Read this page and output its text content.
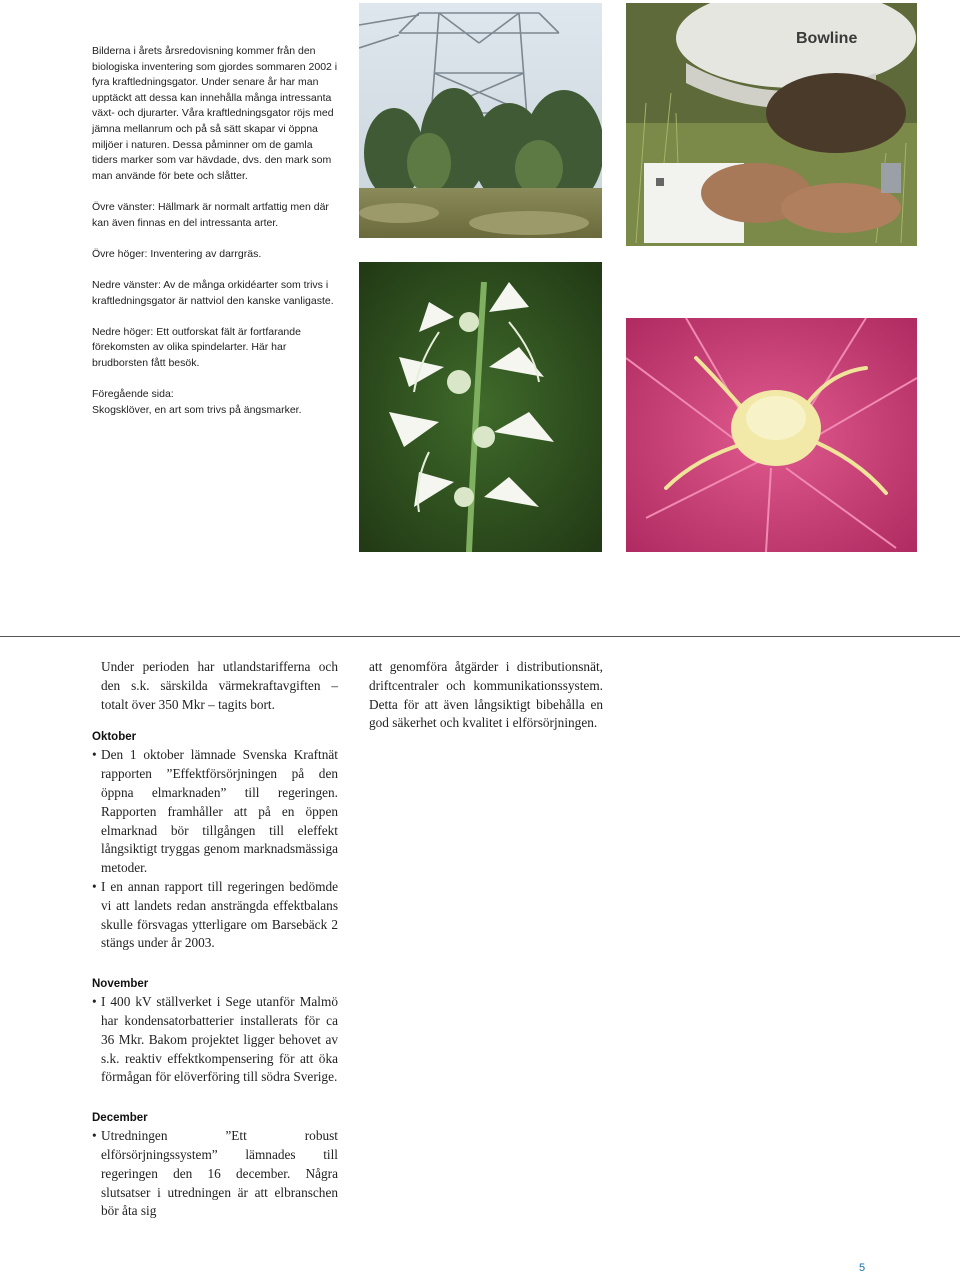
Bilderna i årets årsredovisning kommer från den biologiska inventering som gjordes sommaren 2002 i fyra kraftledningsgator. Under senare år har man upptäckt att dessa kan innehålla många intressanta växt- och djurarter. Våra kraftledningsgator röjs med jämna mellanrum och på så sätt skapar vi öppna miljöer i naturen. Dessa påminner om de gamla tiders marker som var hävdade, dvs. den mark som man använde för bete och slåtter.

Övre vänster: Hällmark är normalt artfattig men där kan även finnas en del intressanta arter.

Övre höger: Inventering av darrgräs.

Nedre vänster: Av de många orkidéarter som trivs i kraftledningsgator är nattviol den kanske vanligaste.

Nedre höger: Ett outforskat fält är fortfarande förekomsten av olika spindelarter. Här har brudborsten fått besök.

Föregående sida:
Skogsklöver, en art som trivs på ängsmarker.

Bowline

Under perioden har utlandstarifferna och den s.k. särskilda värmekraftavgiften – totalt över 350 Mkr – tagits bort.

Oktober
• Den 1 oktober lämnade Svenska Kraftnät rapporten ”Effektförsörjningen på den öppna elmarknaden” till regeringen. Rapporten framhåller att på en öppen elmarknad bör tillgången till eleffekt långsiktigt tryggas genom marknadsmässiga metoder.
• I en annan rapport till regeringen bedömde vi att landets redan ansträngda effektbalans skulle försvagas ytterligare om Barsebäck 2 stängs under år 2003.
November
• I 400 kV ställverket i Sege utanför Malmö har kondensatorbatterier installerats för ca 36 Mkr. Bakom projektet ligger behovet av s.k. reaktiv effektkompensering för att öka förmågan för elöverföring till södra Sverige.
December
• Utredningen ”Ett robust elförsörjningssystem” lämnades till regeringen den 16 december. Några slutsatser i utredningen är att elbranschen bör åta sig

att genomföra åtgärder i distributionsnät, driftcentraler och kommunikationssystem. Detta för att även långsiktigt bibehålla en god säkerhet och kvalitet i elförsörjningen.

5
